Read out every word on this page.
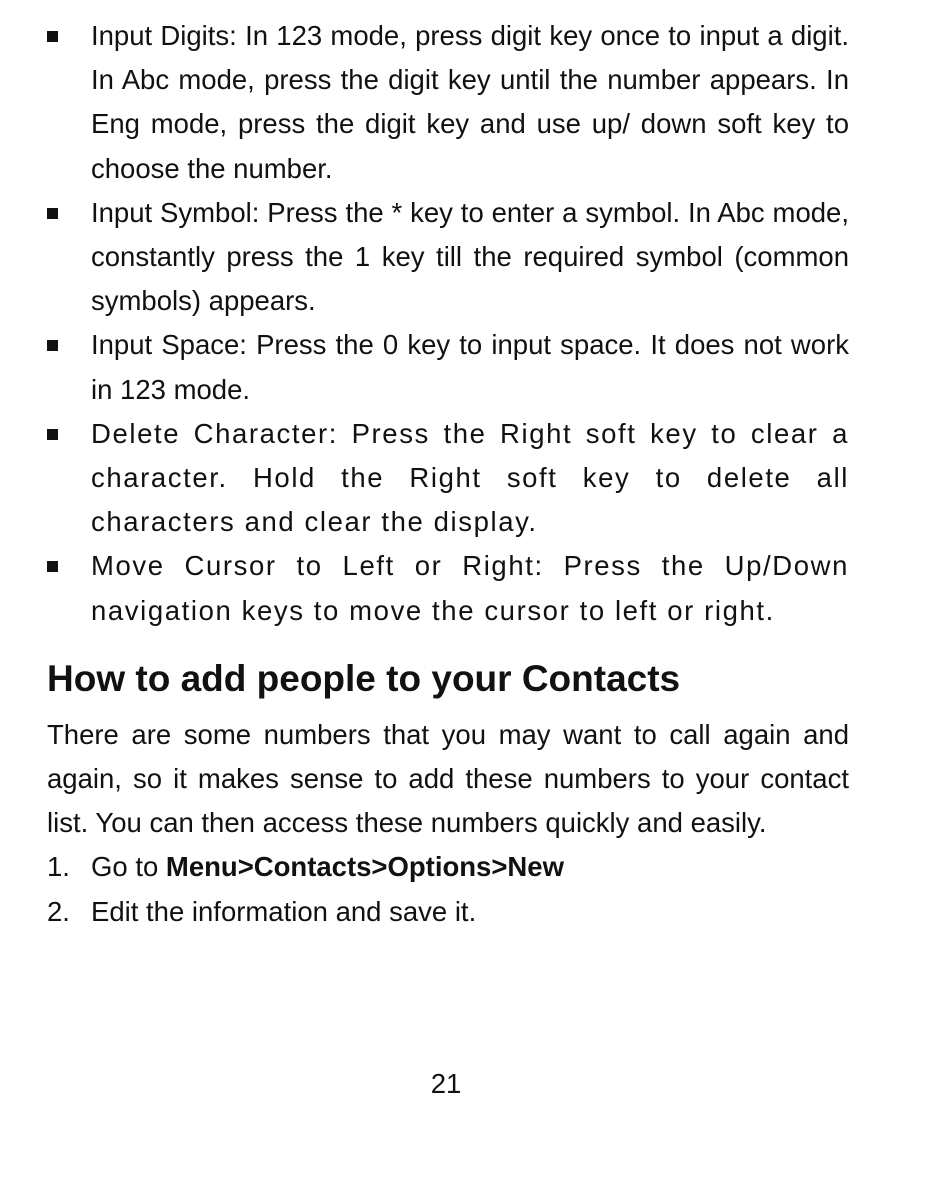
Input Digits: In 123 mode, press digit key once to input a digit. In Abc mode, press the digit key until the number appears. In Eng mode, press the digit key and use up/ down soft key to choose the number.
Input Symbol: Press the * key to enter a symbol. In Abc mode, constantly press the 1 key till the required symbol (common symbols) appears.
Input Space: Press the 0 key to input space. It does not work in 123 mode.
Delete Character: Press the Right soft key to clear a character. Hold the Right soft key to delete all characters and clear the display.
Move Cursor to Left or Right: Press the Up/Down navigation keys to move the cursor to left or right.
How to add people to your Contacts

There are some numbers that you may want to call again and again, so it makes sense to add these numbers to your contact list. You can then access these numbers quickly and easily.

1. Go to Menu>Contacts>Options>New
2. Edit the information and save it.
21
